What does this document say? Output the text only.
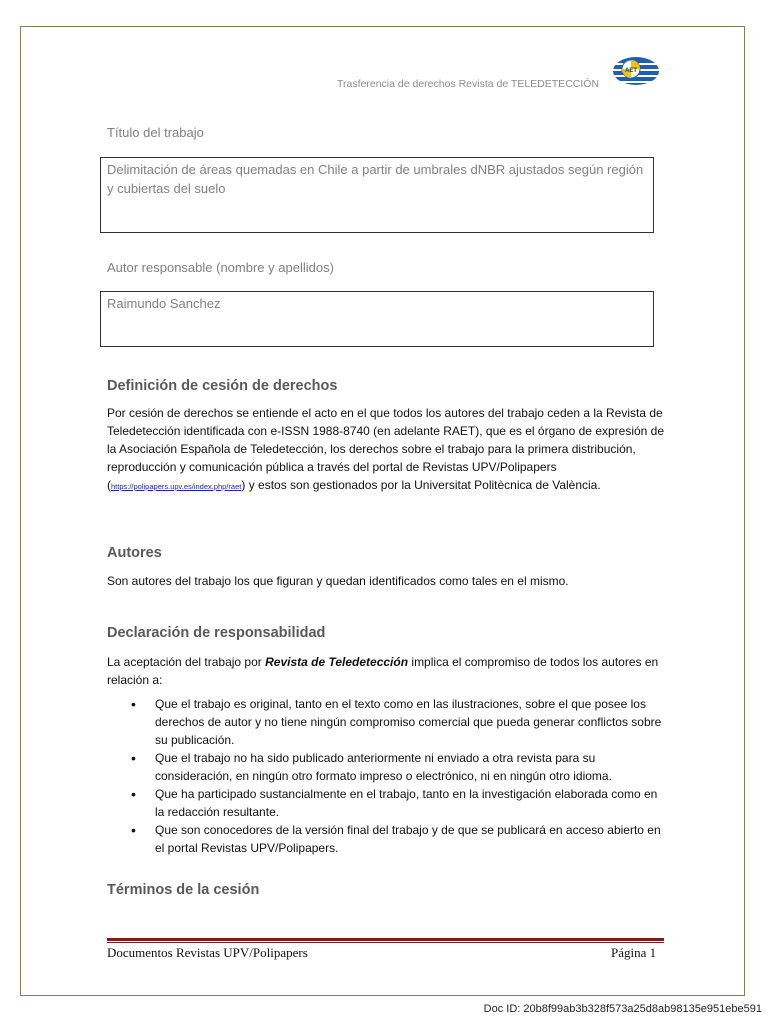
Trasferencia de derechos Revista de TELEDETECCIÓN
AET
Título del trabajo
Delimitación de áreas quemadas en Chile a partir de umbrales dNBR ajustados según región y cubiertas del suelo
Autor responsable (nombre y apellidos)
Raimundo Sanchez
Definición de cesión de derechos
Por cesión de derechos se entiende el acto en el que todos los autores del trabajo ceden a la Revista de Teledetección identificada con e-ISSN 1988-8740 (en adelante RAET), que es el órgano de expresión de la Asociación Española de Teledetección, los derechos sobre el trabajo para la primera distribución, reproducción y comunicación pública a través del portal de Revistas UPV/Polipapers (https://polipapers.upv.es/index.php/raet) y estos son gestionados por la Universitat Politècnica de València.
Autores
Son autores del trabajo los que figuran y quedan identificados como tales en el mismo.
Declaración de responsabilidad
La aceptación del trabajo por Revista de Teledetección implica el compromiso de todos los autores en relación a:
• Que el trabajo es original, tanto en el texto como en las ilustraciones, sobre el que posee los derechos de autor y no tiene ningún compromiso comercial que pueda generar conflictos sobre su publicación.
• Que el trabajo no ha sido publicado anteriormente ni enviado a otra revista para su consideración, en ningún otro formato impreso o electrónico, ni en ningún otro idioma.
• Que ha participado sustancialmente en el trabajo, tanto en la investigación elaborada como en la redacción resultante.
• Que son conocedores de la versión final del trabajo y de que se publicará en acceso abierto en el portal Revistas UPV/Polipapers.
Términos de la cesión
Documentos Revistas UPV/Polipapers	Página 1
Doc ID: 20b8f99ab3b328f573a25d8ab98135e951ebe591
